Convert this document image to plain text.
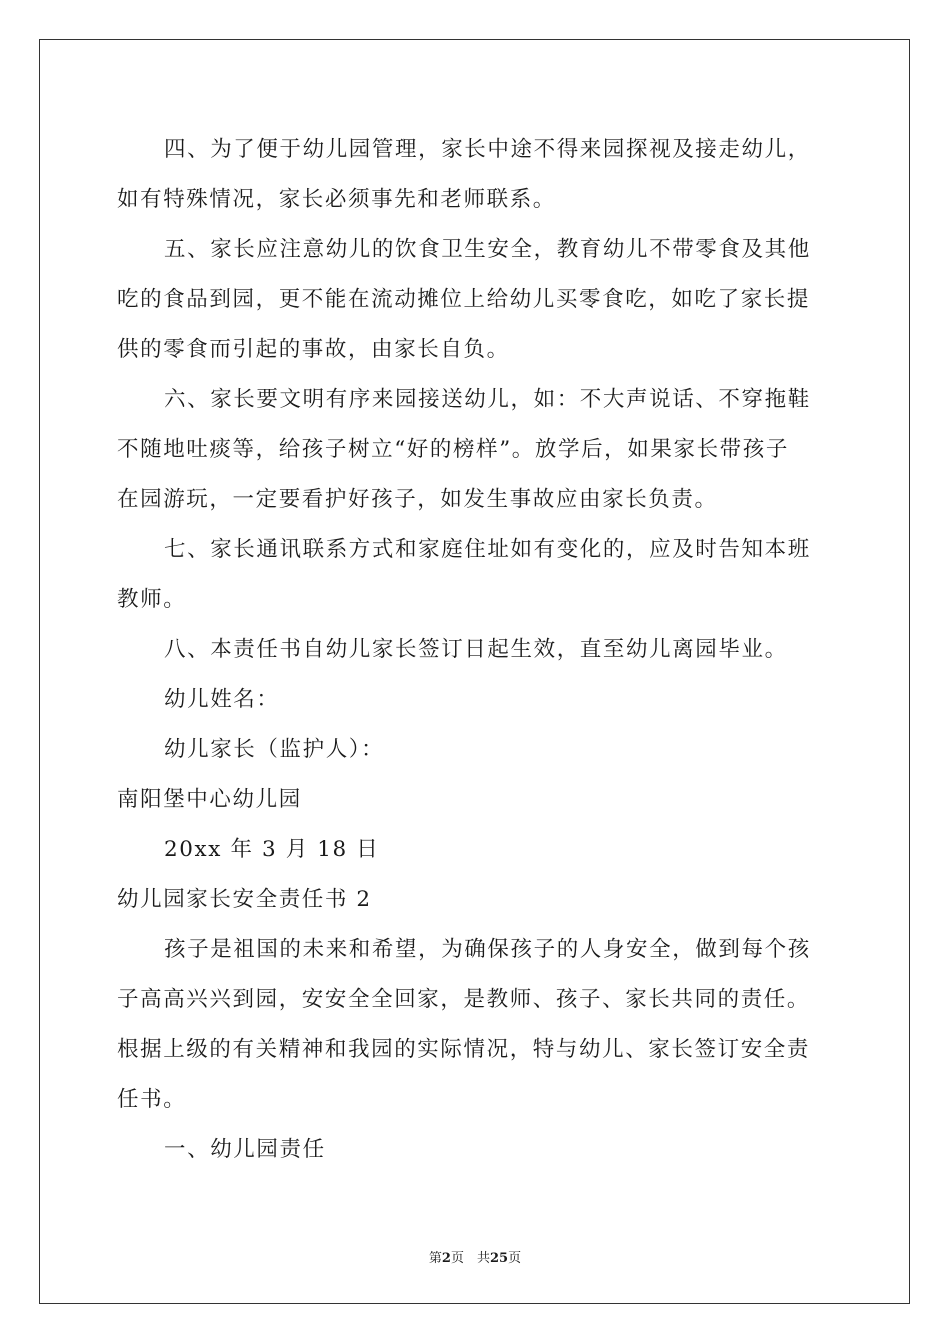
四、为了便于幼儿园管理，家长中途不得来园探视及接走幼儿，
如有特殊情况，家长必须事先和老师联系。
五、家长应注意幼儿的饮食卫生安全，教育幼儿不带零食及其他
吃的食品到园，更不能在流动摊位上给幼儿买零食吃，如吃了家长提
供的零食而引起的事故，由家长自负。
六、家长要文明有序来园接送幼儿，如：不大声说话、不穿拖鞋
不随地吐痰等，给孩子树立“好的榜样”。放学后，如果家长带孩子
在园游玩，一定要看护好孩子，如发生事故应由家长负责。
七、家长通讯联系方式和家庭住址如有变化的，应及时告知本班
教师。
八、本责任书自幼儿家长签订日起生效，直至幼儿离园毕业。
幼儿姓名：
幼儿家长（监护人）：
南阳堡中心幼儿园
20xx 年 3 月 18 日
幼儿园家长安全责任书 2
孩子是祖国的未来和希望，为确保孩子的人身安全，做到每个孩
子高高兴兴到园，安安全全回家，是教师、孩子、家长共同的责任。
根据上级的有关精神和我园的实际情况，特与幼儿、家长签订安全责
任书。
一、幼儿园责任
第2页　共25页
